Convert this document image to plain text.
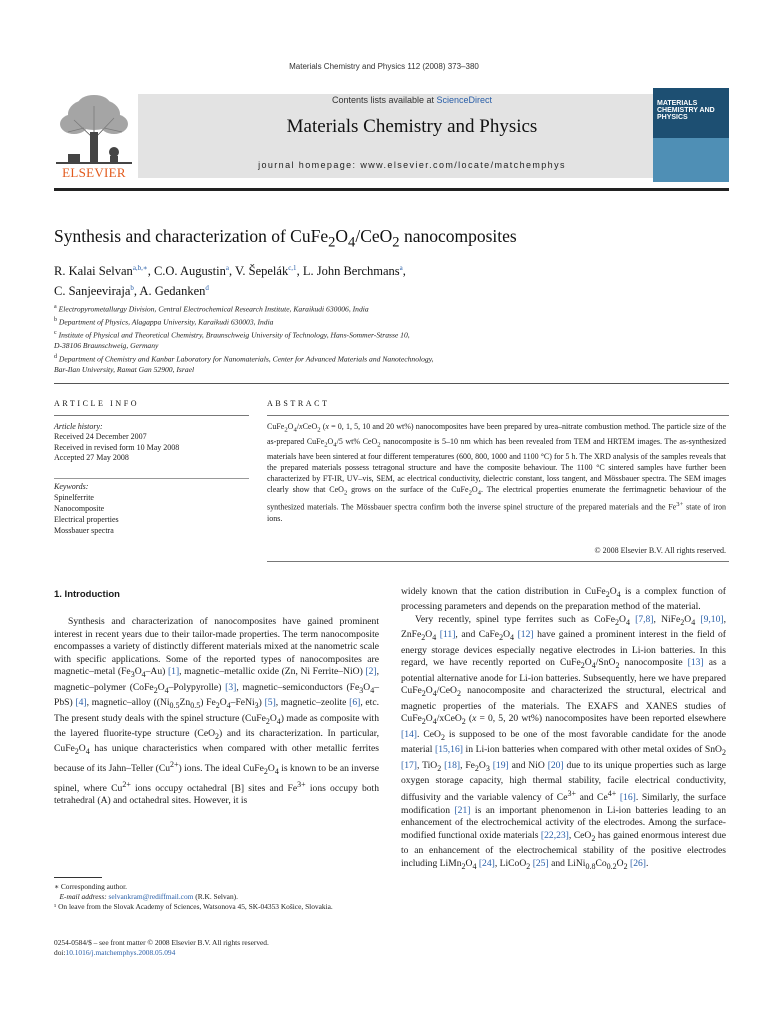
Materials Chemistry and Physics 112 (2008) 373–380
ELSEVIER
Contents lists available at ScienceDirect
Materials Chemistry and Physics
journal homepage: www.elsevier.com/locate/matchemphys
MATERIALS CHEMISTRY AND PHYSICS
Synthesis and characterization of $CuFe_2O_4/CeO_2$ nanocomposites
R. Kalai Selvan$^{a,b,∗}$, C.O. Augustin$^a$, V. Šepelák$^{c,1}$, L. John Berchmans$^a$,
C. Sanjeeviraja$^b$, A. Gedanken$^d$
$^a$ Electropyrometallurgy Division, Central Electrochemical Research Institute, Karaikudi 630006, India
$^b$ Department of Physics, Alagappa University, Karaikudi 630003, India
$^c$ Institute of Physical and Theoretical Chemistry, Braunschweig University of Technology, Hans-Sommer-Strasse 10,
D-38106 Braunschweig, Germany
$^d$ Department of Chemistry and Kanbar Laboratory for Nanomaterials, Center for Advanced Materials and Nanotechnology,
Bar-Ilan University, Ramat Gan 52900, Israel
ARTICLE INFO	ABSTRACT
Article history:
Received 24 December 2007
Received in revised form 10 May 2008
Accepted 27 May 2008
Keywords:
Spinelferrite
Nanocomposite
Electrical properties
Mossbauer spectra
$CuFe_2O_4/xCeO_2$ (x = 0, 1, 5, 10 and 20 wt%) nanocomposites have been prepared by urea–nitrate combustion method. The particle size of the as-prepared $CuFe_2O_4/5$ wt% CeO$_2$ nanocomposite is 5–10 nm which has been revealed from TEM and HRTEM images. The as-synthesized materials have been sintered at four different temperatures (600, 800, 1000 and 1100 °C) for 5 h. The XRD analysis of the samples reveals that the prepared materials possess tetragonal structure and have the composite behaviour. The 1100 °C sintered samples have further been characterized by FT-IR, UV–vis, SEM, ac electrical conductivity, dielectric constant, loss tangent, and Mössbauer spectra. The SEM images clearly show that CeO$_2$ grows on the surface of the $CuFe_2O_4$. The electrical properties enumerate the ferrimagnetic behaviour of the synthesized materials. The Mössbauer spectra confirm both the inverse spinel structure of the prepared materials and the $Fe^{3+}$ state of iron ions.
© 2008 Elsevier B.V. All rights reserved.
1. Introduction

Synthesis and characterization of nanocomposites have gained prominent interest in recent years due to their tailor-made properties. The term nanocomposite encompasses a variety of distinctly different materials mixed at the nanometric scale with specific applications. Some of the reported types of nanocomposites are magnetic–metal $(Fe_3O_4-Au)$ [1], magnetic–metallic oxide (Zn, Ni Ferrite–NiO) [2], magnetic–polymer $(CoFe_2O_4-Polypyrolle)$ [3], magnetic–semiconductors $(Fe_3O_4-PbS)$ [4], magnetic–alloy ($(Ni_{0.5}Zn_{0.5})$ $Fe_2O_4-FeNi_3$) [5], magnetic–zeolite [6], etc. The present study deals with the spinel structure $(CuFe_2O_4)$ made as composite with the layered fluorite-type structure (CeO$_2$) and its characterization. In particular, $CuFe_2O_4$ has unique characteristics when compared with other metallic ferrites because of its Jahn–Teller $(Cu^{2+})$ ions. The ideal $CuFe_2O_4$ is known to be an inverse spinel, where $Cu^{2+}$ ions occupy octahedral [B] sites and $Fe^{3+}$ ions occupy both tetrahedral (A) and octahedral sites. However, it is

widely known that the cation distribution in $CuFe_2O_4$ is a complex function of processing parameters and depends on the preparation method of the material.

Very recently, spinel type ferrites such as $CoFe_2O_4$ [7,8], $NiFe_2O_4$ [9,10], $ZnFe_2O_4$ [11], and $CaFe_2O_4$ [12] have gained a prominent interest in the field of energy storage devices especially negative electrodes in Li-ion batteries. In this regard, we have recently reported on $CuFe_2O_4/SnO_2$ nanocomposite [13] as a potential alternative anode for Li-ion batteries. Subsequently, here we have prepared $CuFe_2O_4/CeO_2$ nanocomposite and characterized the structural, electrical and magnetic properties of the materials. The EXAFS and XANES studies of $CuFe_2O_4/xCeO_2$ (x = 0, 5, 20 wt%) nanocomposites have been reported elsewhere [14]. CeO$_2$ is supposed to be one of the most favorable candidate for the anode material [15,16] in Li-ion batteries when compared with other metal oxides of SnO$_2$ [17], TiO$_2$ [18], $Fe_2O_3$ [19] and NiO [20] due to its unique properties such as large oxygen storage capacity, high thermal stability, facile electrical conductivity, diffusivity and the variable valency of $Ce^{3+}$ and $Ce^{4+}$ [16]. Similarly, the surface modification [21] is an important phenomenon in Li-ion batteries leading to an enhancement of the electrochemical activity of the electrodes. Among the surface-modified functional oxide materials [22,23], CeO$_2$ has gained enormous interest due to an enhancement of the electrochemical stability of the positive electrodes including $LiMn_2O_4$ [24], LiCoO$_2$ [25] and $LiNi_{0.8}Co_{0.2}O_2$ [26].

∗ Corresponding author.
E-mail address: selvankram@rediffmail.com (R.K. Selvan).
¹ On leave from the Slovak Academy of Sciences, Watsonova 45, SK-04353 Košice, Slovakia.
0254-0584/$ – see front matter © 2008 Elsevier B.V. All rights reserved.
doi:10.1016/j.matchemphys.2008.05.094
